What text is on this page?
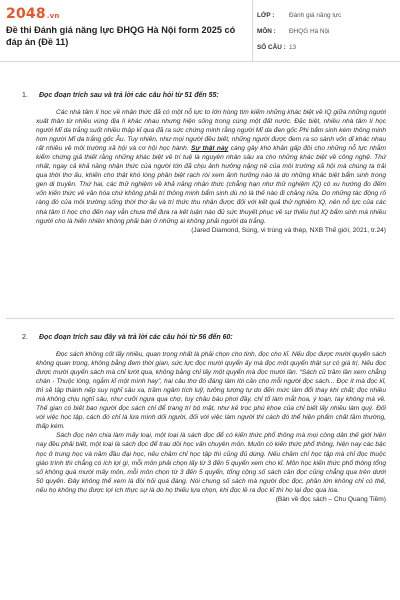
2048.vn
Đề thi Đánh giá năng lực ĐHQG Hà Nội form 2025 có đáp án (Đề 11)
LỚP : Đánh giá năng lực
MÔN : ĐHQG Hà Nội
SỐ CÂU : 13
1. Đọc đoạn trích sau và trả lời các câu hỏi từ 51 đến 55:

Các nhà tâm lí học về nhận thức đã có một nỗ lực to lớn hòng tìm kiếm những khác biệt về IQ giữa những người xuất thân từ nhiều vùng địa lí khác nhau nhưng hiện sống trong cùng một đất nước. Đặc biệt, nhiều nhà tâm lí học người Mĩ da trắng suốt nhiều thập kỉ qua đã ra sức chứng minh rằng người Mĩ da đen gốc Phi bẩm sinh kém thông minh hơn người Mĩ da trắng gốc Âu. Tuy nhiên, như mọi người đều biết, những người được đem ra so sánh vốn dĩ khác nhau rất nhiều về môi trường xã hội và cơ hội học hành. Sự thật này càng gây khó khăn gấp đôi cho những nỗ lực nhằm kiểm chứng giả thiết rằng những khác biệt về trí tuệ là nguyên nhân sâu xa cho những khác biệt về công nghệ. Thứ nhất, ngay cả khả năng nhận thức của người lớn đã chịu ảnh hưởng nặng nề của môi trường xã hội mà chúng ta trải qua thời thơ ấu, khiến cho thật khó lòng phân biệt rạch ròi xem ảnh hưởng nào là do những khác biệt bẩm sinh trong gen di truyền. Thứ hai, các thử nghiệm về khả năng nhận thức (chẳng hạn như thử nghiệm IQ) có xu hướng đo đếm vốn kiến thức về văn hóa chứ không phải trí thông minh bẩm sinh dù nó là thế nào đi chăng nữa. Do những tác động rõ ràng đó của môi trường sống thời thơ ấu và trí thức thu nhận được đối với kết quả thử nghiệm IQ, nên nỗ lực của các nhà tâm lí học cho đến nay vẫn chưa thể đưa ra kết luận nào đủ sức thuyết phục về sự thiếu hụt IQ bẩm sinh mà nhiều người cho là hiển nhiên không phải bàn ở những ai không phải người da trắng.

(Jared Diamond, Súng, vi trùng và thép, NXB Thế giới, 2021, tr.24)

2. Đọc đoạn trích sau đây và trả lời các câu hỏi từ 56 đến 60:

Đọc sách không cốt lấy nhiều, quan trọng nhất là phải chọn cho tinh, đọc cho kĩ. Nếu đọc được mười quyển sách không quan trọng, không bằng đem thời gian, sức lực đọc mười quyển ấy mà đọc một quyển thật sự có giá trị. Nếu đọc được mười quyển sách mà chỉ lướt qua, không bằng chỉ lấy một quyển mà đọc mười lần. “Sách cũ trăm lần xem chẳng chán - Thuộc lòng, ngẫm kĩ một mình hay”, hai câu thơ đó đáng làm lời căn cho mỗi người đọc sách... Đọc ít mà đọc kĩ, thì sẽ tập thành nếp suy nghĩ sâu xa, trầm ngâm tích luỹ, tưởng tượng tự do đến mức làm đổi thay khí chất; đọc nhiều mà không chịu nghĩ sâu, như cưỡi ngựa qua chợ, tuy châu báu phơi đầy, chỉ tổ làm mắt hoa, ý loạn, tay không mà về. Thế gian có biết bao người đọc sách chỉ để trang trí bộ mặt, như kẻ trọc phú khoe của chỉ biết lấy nhiều làm quý. Đối với việc học tập, cách đó chỉ là lừa mình dối người, đối với việc làm người thì cách đó thể hiện phẩm chất tầm thường, thấp kém.

Sách đọc nên chia làm mấy loại, một loại là sách đọc để có kiến thức phổ thông mà mọi công dân thế giới hiện nay đều phải biết, một loại là sách đọc để trau dồi học vấn chuyên môn. Muốn có kiến thức phổ thông, hiện nay các bậc học ở trung học và năm đầu đại học, nếu chăm chỉ học tập thì cũng đủ dùng. Nếu chăm chỉ học tập mà chỉ đọc thuộc giáo trình thì chẳng có ích lợi gì, mỗi môn phải chọn lấy từ 3 đến 5 quyển xem cho kĩ. Môn học kiến thức phổ thông tổng số không quá mười mấy môn, mỗi môn chọn từ 3 đến 5 quyển, tổng cộng số sách cần đọc cũng chẳng qua trên dưới 50 quyển. Đây không thể xem là đòi hỏi quá đáng. Nói chung số sách mà người đọc đọc, phần lớn không chỉ có thế, nếu họ không thu được lợi ích thực sự là do họ thiếu lựa chọn, khi đọc lề ra đọc kĩ thì họ lại đọc qua loa.

(Bàn về đọc sách – Chu Quang Tiềm)
